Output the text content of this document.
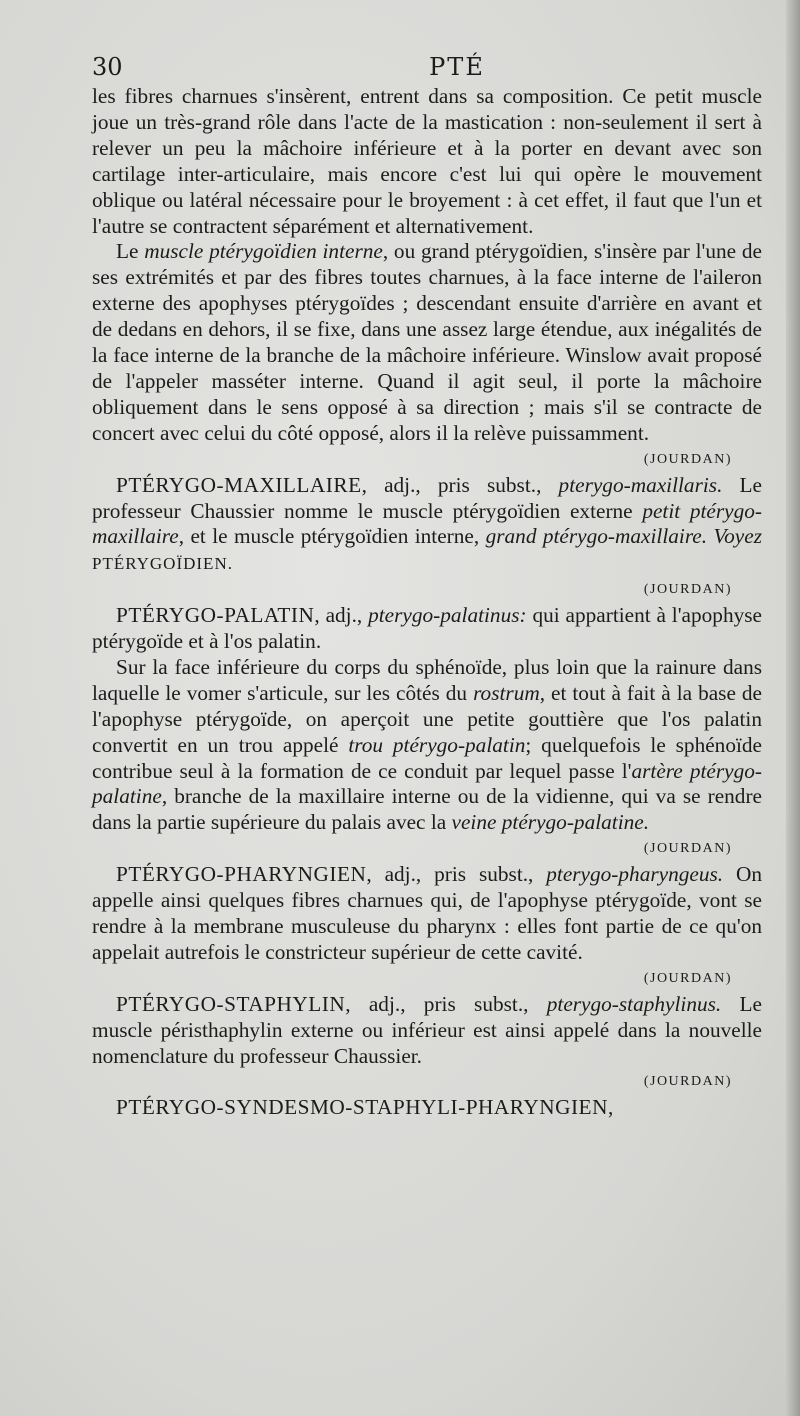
30	PTÉ

les fibres charnues s'insèrent, entrent dans sa composition. Ce petit muscle joue un très-grand rôle dans l'acte de la mastication : non-seulement il sert à relever un peu la mâchoire inférieure et à la porter en devant avec son cartilage inter-articulaire, mais encore c'est lui qui opère le mouvement oblique ou latéral nécessaire pour le broyement : à cet effet, il faut que l'un et l'autre se contractent séparément et alternativement.

Le muscle ptérygoïdien interne, ou grand ptérygoïdien, s'insère par l'une de ses extrémités et par des fibres toutes charnues, à la face interne de l'aileron externe des apophyses ptérygoïdes ; descendant ensuite d'arrière en avant et de dedans en dehors, il se fixe, dans une assez large étendue, aux inégalités de la face interne de la branche de la mâchoire inférieure. Winslow avait proposé de l'appeler masséter interne. Quand il agit seul, il porte la mâchoire obliquement dans le sens opposé à sa direction ; mais s'il se contracte de concert avec celui du côté opposé, alors il la relève puissamment.

(JOURDAN)

PTÉRYGO-MAXILLAIRE, adj., pris subst., pterygo-maxillaris. Le professeur Chaussier nomme le muscle ptérygoïdien externe petit ptérygo-maxillaire, et le muscle ptérygoïdien interne, grand ptérygo-maxillaire. Voyez PTÉRYGOÏDIEN.

(JOURDAN)

PTÉRYGO-PALATIN, adj., pterygo-palatinus: qui appartient à l'apophyse ptérygoïde et à l'os palatin.

Sur la face inférieure du corps du sphénoïde, plus loin que la rainure dans laquelle le vomer s'articule, sur les côtés du rostrum, et tout à fait à la base de l'apophyse ptérygoïde, on aperçoit une petite gouttière que l'os palatin convertit en un trou appelé trou ptérygo-palatin; quelquefois le sphénoïde contribue seul à la formation de ce conduit par lequel passe l'artère ptérygo-palatine, branche de la maxillaire interne ou de la vidienne, qui va se rendre dans la partie supérieure du palais avec la veine ptérygo-palatine.

(JOURDAN)

PTÉRYGO-PHARYNGIEN, adj., pris subst., pterygo-pharyngeus. On appelle ainsi quelques fibres charnues qui, de l'apophyse ptérygoïde, vont se rendre à la membrane musculeuse du pharynx : elles font partie de ce qu'on appelait autrefois le constricteur supérieur de cette cavité.

(JOURDAN)

PTÉRYGO-STAPHYLIN, adj., pris subst., pterygo-staphylinus. Le muscle péristhaphylin externe ou inférieur est ainsi appelé dans la nouvelle nomenclature du professeur Chaussier.

(JOURDAN)

PTÉRYGO-SYNDESMO-STAPHYLI-PHARYNGIEN,
